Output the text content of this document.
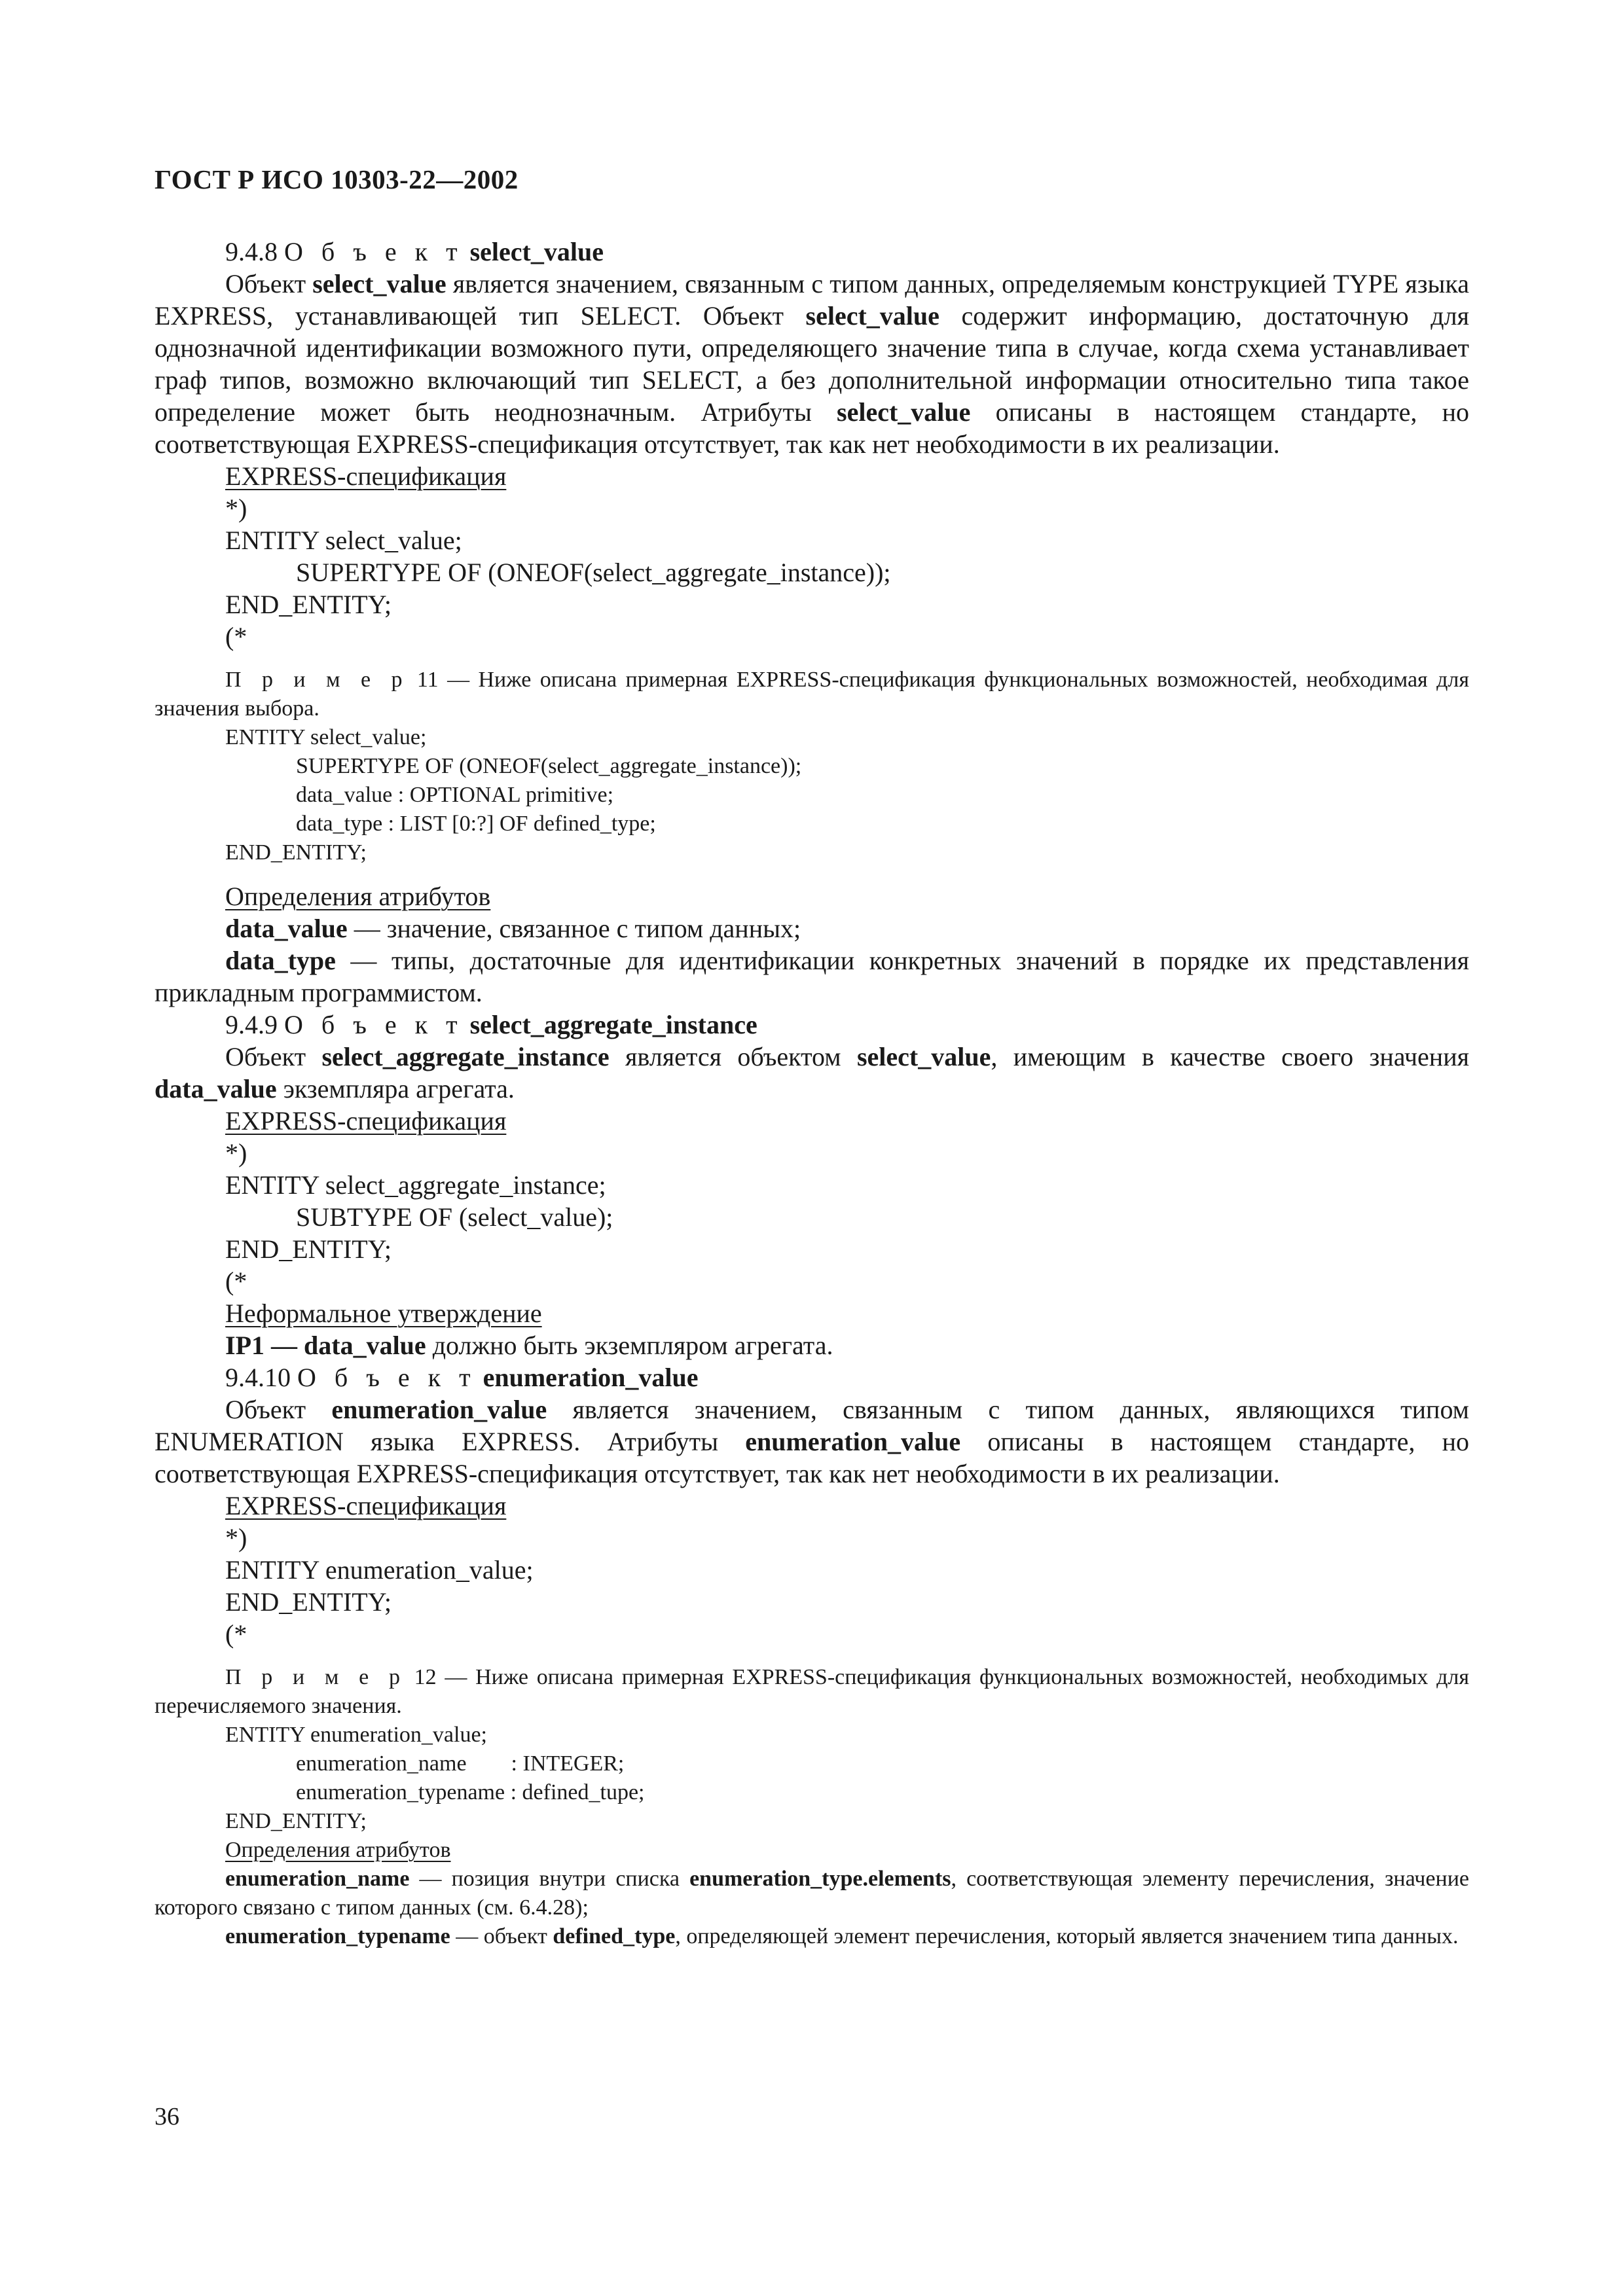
ГОСТ Р ИСО 10303-22—2002

9.4.8 О б ъ е к т select_value

Объект select_value является значением, связанным с типом данных, определяемым конструкцией TYPE языка EXPRESS, устанавливающей тип SELECT. Объект select_value содержит информацию, достаточную для однозначной идентификации возможного пути, определяющего значение типа в случае, когда схема устанавливает граф типов, возможно включающий тип SELECT, а без дополнительной информации относительно типа такое определение может быть неоднозначным. Атрибуты select_value описаны в настоящем стандарте, но соответствующая EXPRESS-спецификация отсутствует, так как нет необходимости в их реализации.

EXPRESS-спецификация

*)

ENTITY select_value;

SUPERTYPE OF (ONEOF(select_aggregate_instance));

END_ENTITY;

(*

П р и м е р 11 — Ниже описана примерная EXPRESS-спецификация функциональных возможностей, необходимая для значения выбора.

ENTITY select_value;

SUPERTYPE OF (ONEOF(select_aggregate_instance));

data_value : OPTIONAL primitive;

data_type : LIST [0:?] OF defined_type;

END_ENTITY;

Определения атрибутов

data_value — значение, связанное с типом данных;

data_type — типы, достаточные для идентификации конкретных значений в порядке их представления прикладным программистом.

9.4.9 О б ъ е к т select_aggregate_instance

Объект select_aggregate_instance является объектом select_value, имеющим в качестве своего значения data_value экземпляра агрегата.

EXPRESS-спецификация

*)

ENTITY select_aggregate_instance;

SUBTYPE OF (select_value);

END_ENTITY;

(*

Неформальное утверждение

IP1 — data_value должно быть экземпляром агрегата.

9.4.10 О б ъ е к т enumeration_value

Объект enumeration_value является значением, связанным с типом данных, являющихся типом ENUMERATION языка EXPRESS. Атрибуты enumeration_value описаны в настоящем стандарте, но соответствующая EXPRESS-спецификация отсутствует, так как нет необходимости в их реализации.

EXPRESS-спецификация

*)

ENTITY enumeration_value;

END_ENTITY;

(*

П р и м е р 12 — Ниже описана примерная EXPRESS-спецификация функциональных возможностей, необходимых для перечисляемого значения.

ENTITY enumeration_value;

enumeration_name        : INTEGER;

enumeration_typename : defined_tupe;

END_ENTITY;

Определения атрибутов

enumeration_name — позиция внутри списка enumeration_type.elements, соответствующая элементу перечисления, значение которого связано с типом данных (см. 6.4.28);

enumeration_typename — объект defined_type, определяющей элемент перечисления, который является значением типа данных.

36
